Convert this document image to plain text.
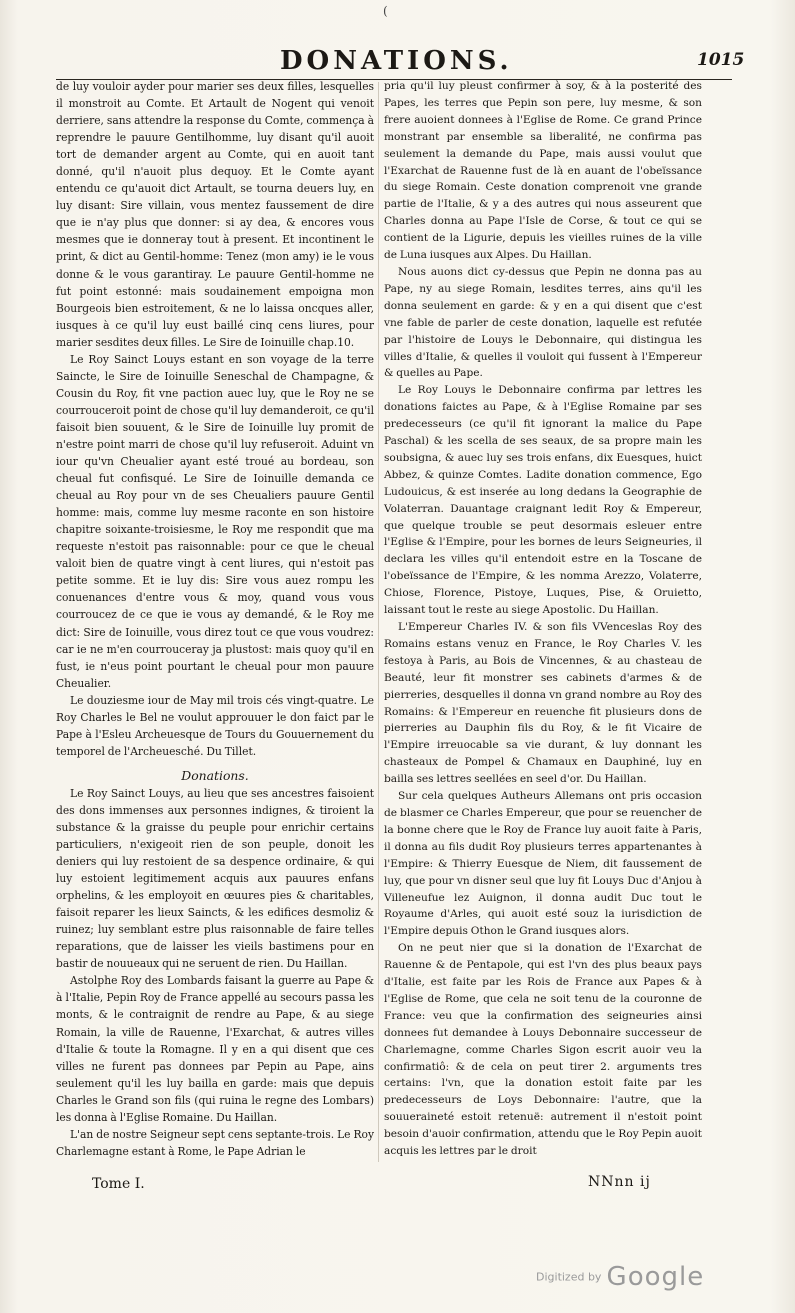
(
DONATIONS.	1015

de luy vouloir ayder pour marier ses deux filles, lesquelles il monstroit au Comte. Et Artault de Nogent qui venoit derriere, sans attendre la response du Comte, commença à reprendre le pauure Gentilhomme, luy disant qu'il auoit tort de demander argent au Comte, qui en auoit tant donné, qu'il n'auoit plus dequoy. Et le Comte ayant entendu ce qu'auoit dict Artault, se tourna deuers luy, en luy disant: Sire villain, vous mentez faussement de dire que ie n'ay plus que donner: si ay dea, & encores vous mesmes que ie donneray tout à present. Et incontinent le print, & dict au Gentil-homme: Tenez (mon amy) ie le vous donne & le vous garantiray. Le pauure Gentil-homme ne fut point estonné: mais soudainement empoigna mon Bourgeois bien estroitement, & ne lo laissa oncques aller, iusques à ce qu'il luy eust baillé cinq cens liures, pour marier sesdites deux filles. Le Sire de Ioinuille chap.10.

Le Roy Sainct Louys estant en son voyage de la terre Saincte, le Sire de Ioinuille Seneschal de Champagne, & Cousin du Roy, fit vne paction auec luy, que le Roy ne se courrouceroit point de chose qu'il luy demanderoit, ce qu'il faisoit bien souuent, & le Sire de Ioinuille luy promit de n'estre point marri de chose qu'il luy refuseroit. Aduint vn iour qu'vn Cheualier ayant esté troué au bordeau, son cheual fut confisqué. Le Sire de Ioinuille demanda ce cheual au Roy pour vn de ses Cheualiers pauure Gentil homme: mais, comme luy mesme raconte en son histoire chapitre soixante-troisiesme, le Roy me respondit que ma requeste n'estoit pas raisonnable: pour ce que le cheual valoit bien de quatre vingt à cent liures, qui n'estoit pas petite somme. Et ie luy dis: Sire vous auez rompu les conuenances d'entre vous & moy, quand vous vous courroucez de ce que ie vous ay demandé, & le Roy me dict: Sire de Ioinuille, vous direz tout ce que vous voudrez: car ie ne m'en courrouceray ja plustost: mais quoy qu'il en fust, ie n'eus point pourtant le cheual pour mon pauure Cheualier.

Le douziesme iour de May mil trois cés vingt-quatre. Le Roy Charles le Bel ne voulut approuuer le don faict par le Pape à l'Esleu Archeuesque de Tours du Gouuernement du temporel de l'Archeuesché. Du Tillet.

Donations.

Le Roy Sainct Louys, au lieu que ses ancestres faisoient des dons immenses aux personnes indignes, & tiroient la substance & la graisse du peuple pour enrichir certains particuliers, n'exigeoit rien de son peuple, donoit les deniers qui luy restoient de sa despence ordinaire, & qui luy estoient legitimement acquis aux pauures enfans orphelins, & les employoit en œuures pies & charitables, faisoit reparer les lieux Saincts, & les edifices desmoliz & ruinez; luy semblant estre plus raisonnable de faire telles reparations, que de laisser les vieils bastimens pour en bastir de nouueaux qui ne seruent de rien. Du Haillan.

Astolphe Roy des Lombards faisant la guerre au Pape & à l'Italie, Pepin Roy de France appellé au secours passa les monts, & le contraignit de rendre au Pape, & au siege Romain, la ville de Rauenne, l'Exarchat, & autres villes d'Italie & toute la Romagne. Il y en a qui disent que ces villes ne furent pas donnees par Pepin au Pape, ains seulement qu'il les luy bailla en garde: mais que depuis Charles le Grand son fils (qui ruina le regne des Lombars) les donna à l'Eglise Romaine. Du Haillan.

L'an de nostre Seigneur sept cens septante-trois. Le Roy Charlemagne estant à Rome, le Pape Adrian le

pria qu'il luy pleust confirmer à soy, & à la posterité des Papes, les terres que Pepin son pere, luy mesme, & son frere auoient donnees à l'Eglise de Rome. Ce grand Prince monstrant par ensemble sa liberalité, ne confirma pas seulement la demande du Pape, mais aussi voulut que l'Exarchat de Rauenne fust de là en auant de l'obeïssance du siege Romain. Ceste donation comprenoit vne grande partie de l'Italie, & y a des autres qui nous asseurent que Charles donna au Pape l'Isle de Corse, & tout ce qui se contient de la Ligurie, depuis les vieilles ruines de la ville de Luna iusques aux Alpes. Du Haillan.

Nous auons dict cy-dessus que Pepin ne donna pas au Pape, ny au siege Romain, lesdites terres, ains qu'il les donna seulement en garde: & y en a qui disent que c'est vne fable de parler de ceste donation, laquelle est refutée par l'histoire de Louys le Debonnaire, qui distingua les villes d'Italie, & quelles il vouloit qui fussent à l'Empereur & quelles au Pape.

Le Roy Louys le Debonnaire confirma par lettres les donations faictes au Pape, & à l'Eglise Romaine par ses predecesseurs (ce qu'il fit ignorant la malice du Pape Paschal) & les scella de ses seaux, de sa propre main les soubsigna, & auec luy ses trois enfans, dix Euesques, huict Abbez, & quinze Comtes. Ladite donation commence, Ego Ludouicus, & est inserée au long dedans la Geographie de Volaterran. Dauantage craignant ledit Roy & Empereur, que quelque trouble se peut desormais esleuer entre l'Eglise & l'Empire, pour les bornes de leurs Seigneuries, il declara les villes qu'il entendoit estre en la Toscane de l'obeïssance de l'Empire, & les nomma Arezzo, Volaterre, Chiose, Florence, Pistoye, Luques, Pise, & Oruietto, laissant tout le reste au siege Apostolic. Du Haillan.

L'Empereur Charles IV. & son fils VVenceslas Roy des Romains estans venuz en France, le Roy Charles V. les festoya à Paris, au Bois de Vincennes, & au chasteau de Beauté, leur fit monstrer ses cabinets d'armes & de pierreries, desquelles il donna vn grand nombre au Roy des Romains: & l'Empereur en reuenche fit plusieurs dons de pierreries au Dauphin fils du Roy, & le fit Vicaire de l'Empire irreuocable sa vie durant, & luy donnant les chasteaux de Pompel & Chamaux en Dauphiné, luy en bailla ses lettres seellées en seel d'or. Du Haillan.

Sur cela quelques Autheurs Allemans ont pris occasion de blasmer ce Charles Empereur, que pour se reuencher de la bonne chere que le Roy de France luy auoit faite à Paris, il donna au fils dudit Roy plusieurs terres appartenantes à l'Empire: & Thierry Euesque de Niem, dit faussement de luy, que pour vn disner seul que luy fit Louys Duc d'Anjou à Villeneufue lez Auignon, il donna audit Duc tout le Royaume d'Arles, qui auoit esté souz la iurisdiction de l'Empire depuis Othon le Grand iusques alors.

On ne peut nier que si la donation de l'Exarchat de Rauenne & de Pentapole, qui est l'vn des plus beaux pays d'Italie, est faite par les Rois de France aux Papes & à l'Eglise de Rome, que cela ne soit tenu de la couronne de France: veu que la confirmation des seigneuries ainsi donnees fut demandee à Louys Debonnaire successeur de Charlemagne, comme Charles Sigon escrit auoir veu la confirmatiô: & de cela on peut tirer 2. arguments tres certains: l'vn, que la donation estoit faite par les predecesseurs de Loys Debonnaire: l'autre, que la souueraineté estoit retenuë: autrement il n'estoit point besoin d'auoir confirmation, attendu que le Roy Pepin auoit acquis les lettres par le droit

Tome I.	NNnn ij
Digitized by Google
